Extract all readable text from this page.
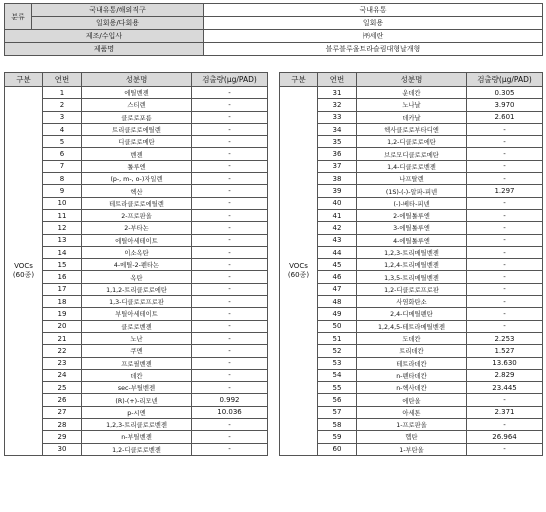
분류	국내유통/해외직구	국내유통
	일회용/다회용	일회용
제조/수입사		㈜세란
제품명		블루블루울트라슬림대형날개형
구분	연번	성분명	검출량(μg/PAD)
VOCs
(60종)	1	에틸벤젠	-
	2	스티렌	-
	3	클로로포름	-
	4	트리클로로에틸렌	-
	5	디클로로메탄	-
	6	벤젠	-
	7	톨루엔	-
	8	(p-, m-, o-)자일렌	-
	9	헥산	-
	10	테트라클로로에틸렌	-
	11	2-프로판올	-
	12	2-부타논	-
	13	에틸아세테이트	-
	14	이소옥탄	-
	15	4-메틸-2-펜타논	-
	16	옥탄	-
	17	1,1,2-트리클로로에탄	-
	18	1,3-디클로로프로판	-
	19	부틸아세테이트	-
	20	클로로벤젠	-
	21	노난	-
	22	쿠멘	-
	23	프로필벤젠	-
	24	데칸	-
	25	sec-부틸벤젠	-
	26	(R)-(+)-리모넨	0.992
	27	p-시멘	10.036
	28	1,2,3-트리클로로벤젠	-
	29	n-부틸벤젠	-
	30	1,2-디클로로벤젠	-
구분	연번	성분명	검출량(μg/PAD)
VOCs
(60종)	31	운데칸	0.305
	32	노나날	3.970
	33	데카날	2.601
	34	헥사클로로부타디엔	-
	35	1,2-디클로로에탄	-
	36	브로모디클로로메탄	-
	37	1,4-디클로로벤젠	-
	38	나프탈렌	-
	39	(1S)-(-)-알파-피넨	1.297
	40	(-)-베타-피넨	-
	41	2-에틸톨루엔	-
	42	3-에틸톨루엔	-
	43	4-에틸톨루엔	-
	44	1,2,3-트리메틸벤젠	-
	45	1,2,4-트리메틸벤젠	-
	46	1,3,5-트리메틸벤젠	-
	47	1,2-디클로로프로판	-
	48	사염화탄소	-
	49	2,4-디메틸펜탄	-
	50	1,2,4,5-테트라메틸벤젠	-
	51	도데칸	2.253
	52	트리데칸	1.527
	53	테트라데칸	13.630
	54	n-펜타데칸	2.829
	55	n-헥사데칸	23.445
	56	에탄올	-
	57	아세톤	2.371
	58	1-프로판올	-
	59	헵탄	26.964
	60	1-부탄올	-
